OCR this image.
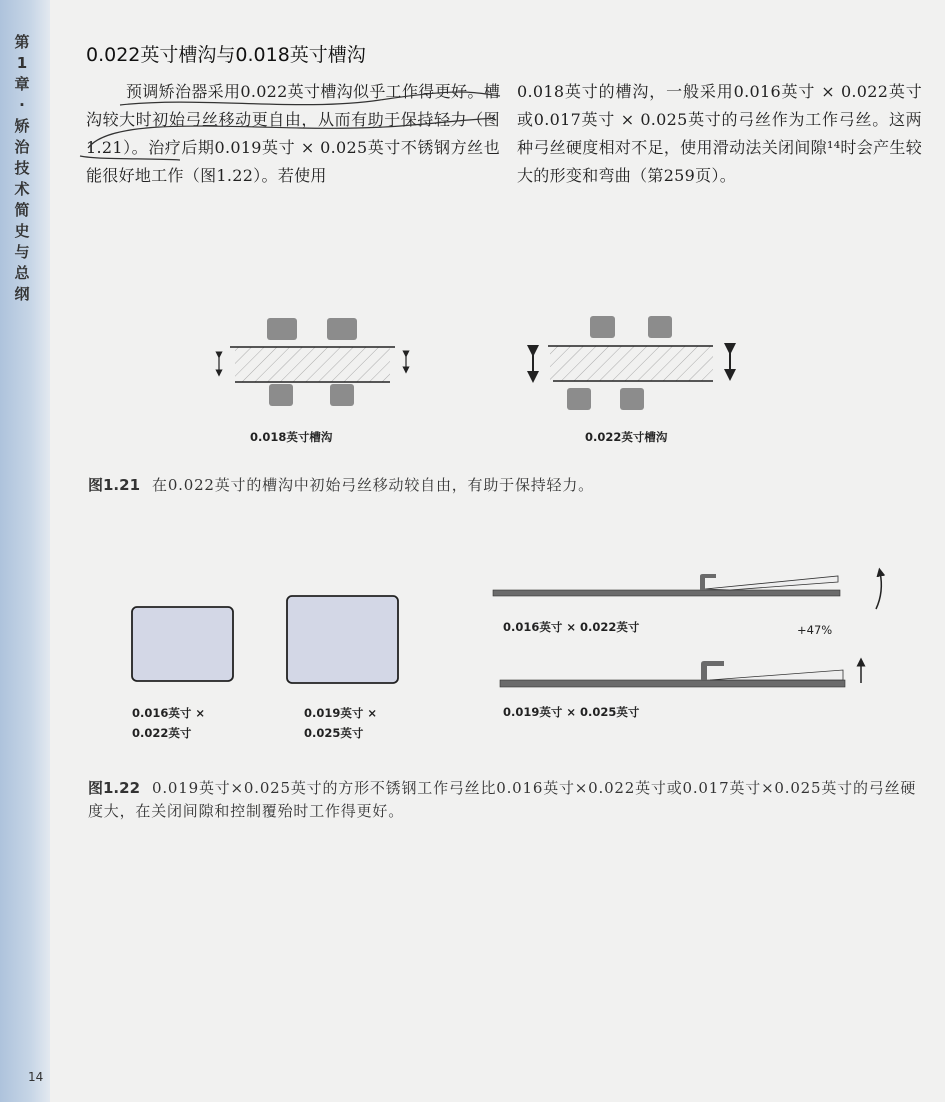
第1章·矫治技术简史与总纲
14
0.022英寸槽沟与0.018英寸槽沟
预调矫治器采用0.022英寸槽沟似乎工作得更好。槽沟较大时初始弓丝移动更自由，从而有助于保持轻力（图1.21）。治疗后期0.019英寸 × 0.025英寸不锈钢方丝也能很好地工作（图1.22）。若使用
0.018英寸的槽沟，一般采用0.016英寸 × 0.022英寸或0.017英寸 × 0.025英寸的弓丝作为工作弓丝。这两种弓丝硬度相对不足，使用滑动法关闭间隙¹⁴时会产生较大的形变和弯曲（第259页）。
0.018英寸槽沟	0.022英寸槽沟
图1.21 在0.022英寸的槽沟中初始弓丝移动较自由，有助于保持轻力。
0.016英寸 ×
0.022英寸
0.019英寸 ×
0.025英寸
0.016英寸 × 0.022英寸	+47%
0.019英寸 × 0.025英寸
图1.22 0.019英寸×0.025英寸的方形不锈钢工作弓丝比0.016英寸×0.022英寸或0.017英寸×0.025英寸的弓丝硬度大，在关闭间隙和控制覆殆时工作得更好。
